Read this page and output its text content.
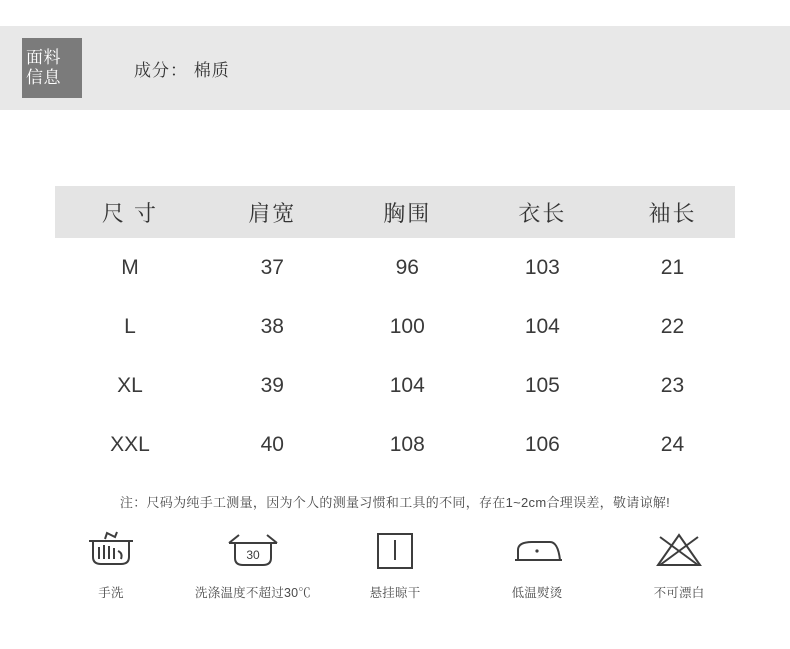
面料
信息	成分： 棉质
尺 寸	肩宽	胸围	衣长	袖长
M	37	96	103	21
L	38	100	104	22
XL	39	104	105	23
XXL	40	108	106	24
注：尺码为纯手工测量，因为个人的测量习惯和工具的不同，存在1~2cm合理误差，敬请谅解!
手洗
30
洗涤温度不超过30℃	悬挂晾干	低温熨烫	不可漂白
